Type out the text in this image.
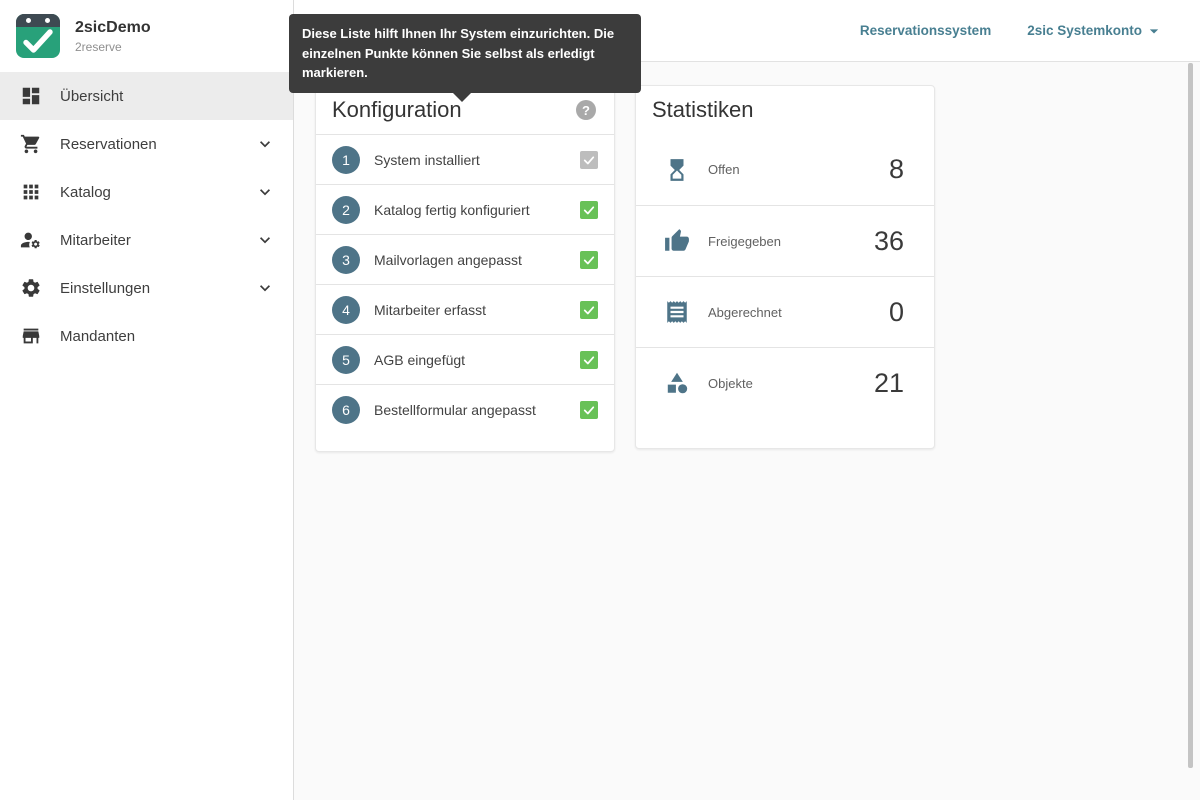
2sicDemo
2reserve
Übersicht
Reservationen
Katalog
Mitarbeiter
Einstellungen
Mandanten
Reservationssystem	2sic Systemkonto
Konfiguration	?
1	System installiert
2	Katalog fertig konfiguriert
3	Mailvorlagen angepasst
4	Mitarbeiter erfasst
5	AGB eingefügt
6	Bestellformular angepasst
Statistiken
Offen	8
Freigegeben	36
Abgerechnet	0
Objekte	21
Diese Liste hilft Ihnen Ihr System einzurichten. Die einzelnen Punkte können Sie selbst als erledigt markieren.
